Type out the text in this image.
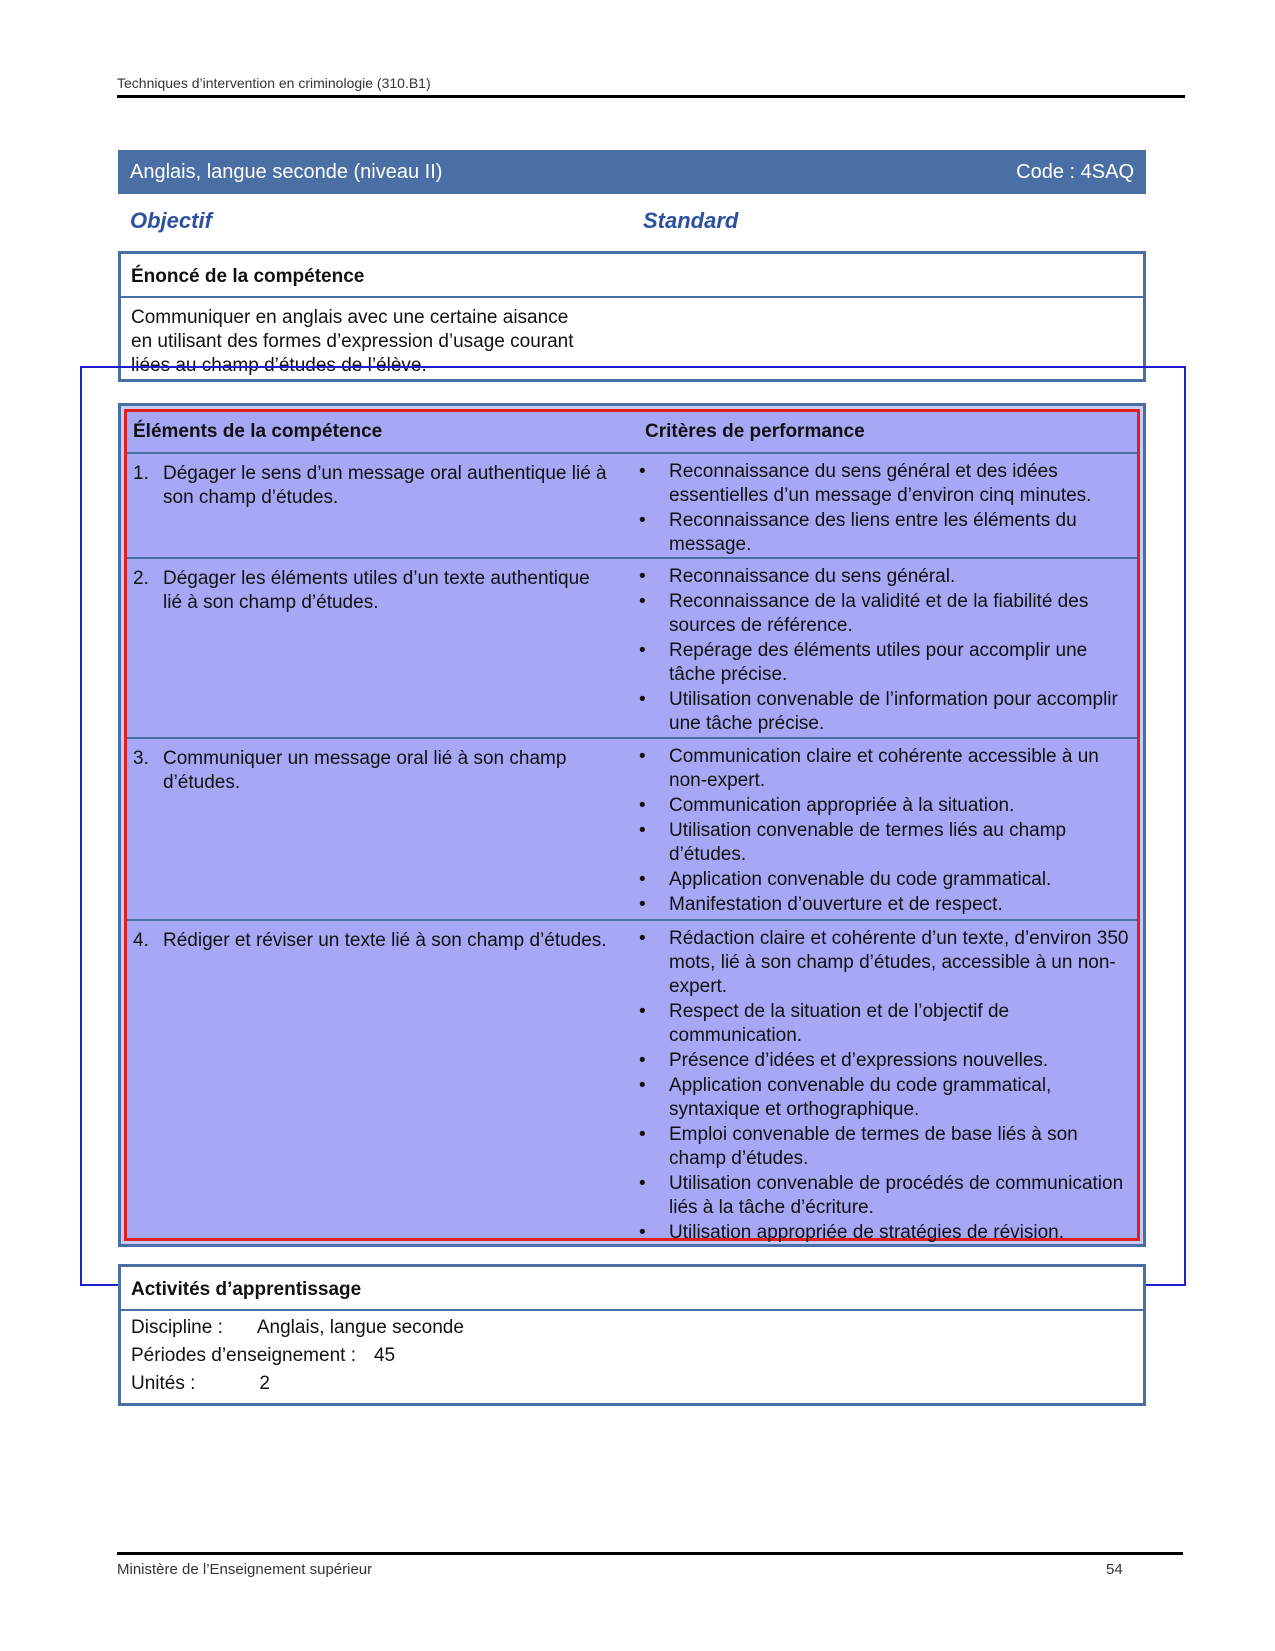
Techniques d’intervention en criminologie (310.B1)
Anglais, langue seconde (niveau II)	Code : 4SAQ
Objectif	Standard
Énoncé de la compétence
Communiquer en anglais avec une certaine aisance
en utilisant des formes d’expression d’usage courant
liées au champ d’études de l’élève.
Éléments de la compétence	Critères de performance
1. Dégager le sens d’un message oral authentique lié à son champ d’études.
•	Reconnaissance du sens général et des idées essentielles d’un message d’environ cinq minutes.
•	Reconnaissance des liens entre les éléments du message.
2. Dégager les éléments utiles d’un texte authentique lié à son champ d’études.
•	Reconnaissance du sens général.
•	Reconnaissance de la validité et de la fiabilité des sources de référence.
•	Repérage des éléments utiles pour accomplir une tâche précise.
•	Utilisation convenable de l’information pour accomplir une tâche précise.
3. Communiquer un message oral lié à son champ d’études.
•	Communication claire et cohérente accessible à un non-expert.
•	Communication appropriée à la situation.
•	Utilisation convenable de termes liés au champ d’études.
•	Application convenable du code grammatical.
•	Manifestation d’ouverture et de respect.
4. Rédiger et réviser un texte lié à son champ d’études.	•	Rédaction claire et cohérente d’un texte, d’environ 350 mots, lié à son champ d’études, accessible à un non-expert.
•	Respect de la situation et de l’objectif de communication.
•	Présence d’idées et d’expressions nouvelles.
•	Application convenable du code grammatical, syntaxique et orthographique.
•	Emploi convenable de termes de base liés à son champ d’études.
•	Utilisation convenable de procédés de communication liés à la tâche d’écriture.
•	Utilisation appropriée de stratégies de révision.
Activités d’apprentissage
Discipline : Anglais, langue seconde
Périodes d’enseignement : 45
Unités :	2
Ministère de l’Enseignement supérieur	54
